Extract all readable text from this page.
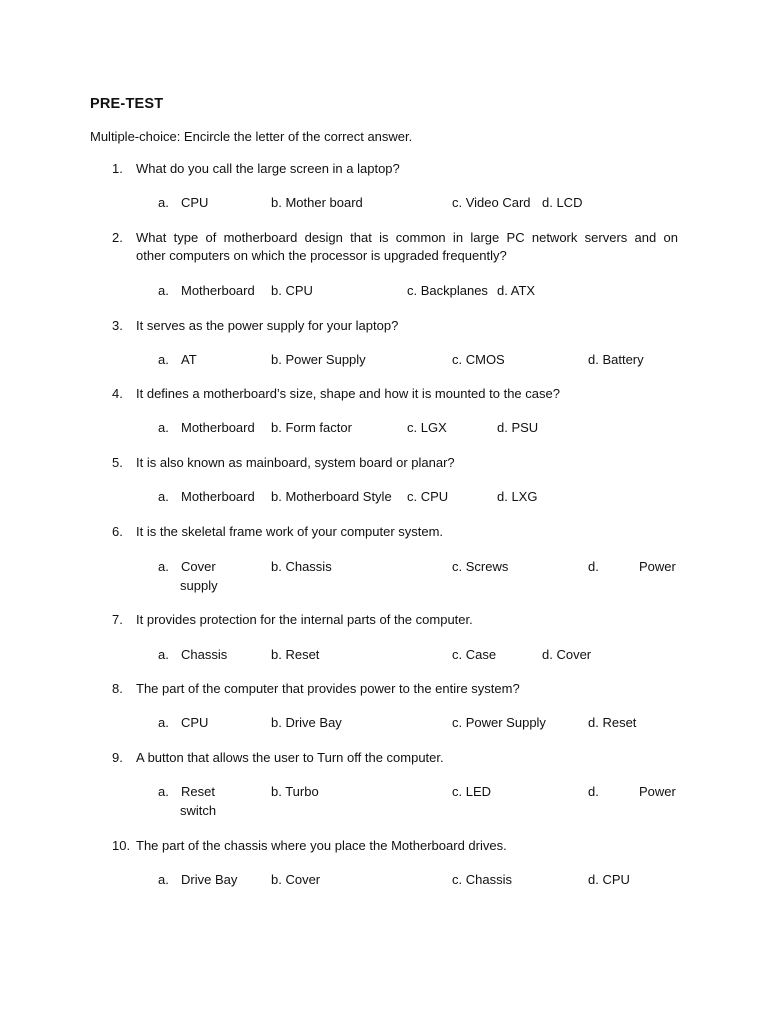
PRE-TEST
Multiple-choice: Encircle the letter of the correct answer.
1. What do you call the large screen in a laptop?
a. CPU	b. Mother board	c. Video Card d. LCD
2. What type of motherboard design that is common in large PC network servers and on
other computers on which the processor is upgraded frequently?
a. Motherboard b. CPU	c. Backplanes d. ATX
3. It serves as the power supply for your laptop?
a. AT	b. Power Supply	c. CMOS	d. Battery
4. It defines a motherboard’s size, shape and how it is mounted to the case?
a. Motherboard b. Form factor	c. LGX	d. PSU
5. It is also known as mainboard, system board or planar?
a. Motherboard b. Motherboard Style c. CPU	d. LXG
6. It is the skeletal frame work of your computer system.
a. Cover	b. Chassis	c. Screws	d.	Power
supply
7. It provides protection for the internal parts of the computer.
a. Chassis	b. Reset	c. Case	d. Cover
8. The part of the computer that provides power to the entire system?
a. CPU	b. Drive Bay	c. Power Supply	d. Reset
9. A button that allows the user to Turn off the computer.
a. Reset	b. Turbo	c. LED	d.	Power
switch
10. The part of the chassis where you place the Motherboard drives.
a. Drive Bay	b. Cover	c. Chassis	d. CPU
